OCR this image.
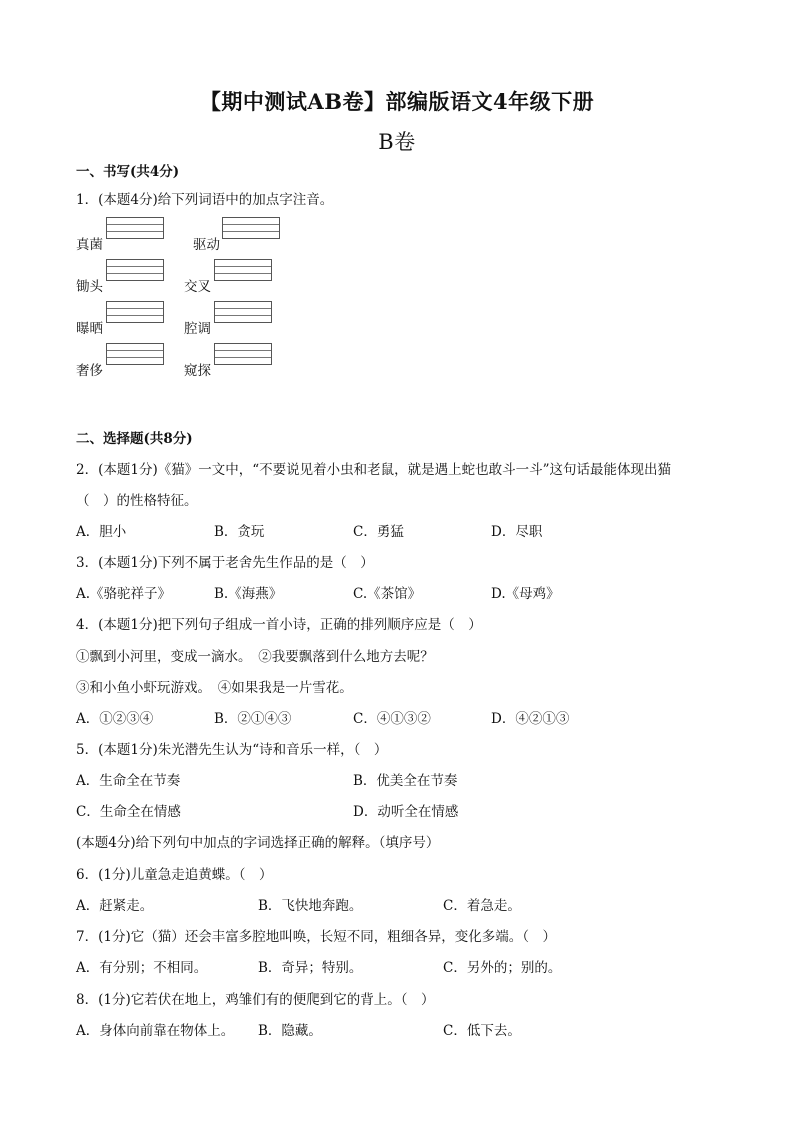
【期中测试AB卷】部编版语文4年级下册
B卷
一、书写(共4分)
1．(本题4分)给下列词语中的加点字注音。
真菌	驱动
锄头	交叉
曝晒	腔调
奢侈	窥探
二、选择题(共8分)
2．(本题1分)《猫》一文中，“不要说见着小虫和老鼠，就是遇上蛇也敢斗一斗”这句话最能体现出猫
（　）的性格特征。
A．胆小	B．贪玩	C．勇猛	D．尽职
3．(本题1分)下列不属于老舍先生作品的是（　）
A.《骆驼祥子》	B.《海燕》	C.《茶馆》	D.《母鸡》
4．(本题1分)把下列句子组成一首小诗，正确的排列顺序应是（　）
①飘到小河里，变成一滴水。　②我要飘落到什么地方去呢？
③和小鱼小虾玩游戏。　④如果我是一片雪花。
A．①②③④	B．②①④③	C．④①③②	D．④②①③
5．(本题1分)朱光潜先生认为“诗和音乐一样，（　）
A．生命全在节奏	B．优美全在节奏
C．生命全在情感	D．动听全在情感
(本题4分)给下列句中加点的字词选择正确的解释。（填序号）
6．(1分)儿童急走追黄蝶。（　）
A．赶紧走。	B．飞快地奔跑。	C．着急走。
7．(1分)它（猫）还会丰富多腔地叫唤，长短不同，粗细各异，变化多端。（　）
A．有分别；不相同。	B．奇异；特别。	C．另外的；别的。
8．(1分)它若伏在地上，鸡雏们有的便爬到它的背上。（　）
A．身体向前靠在物体上。 B．隐藏。	C．低下去。
